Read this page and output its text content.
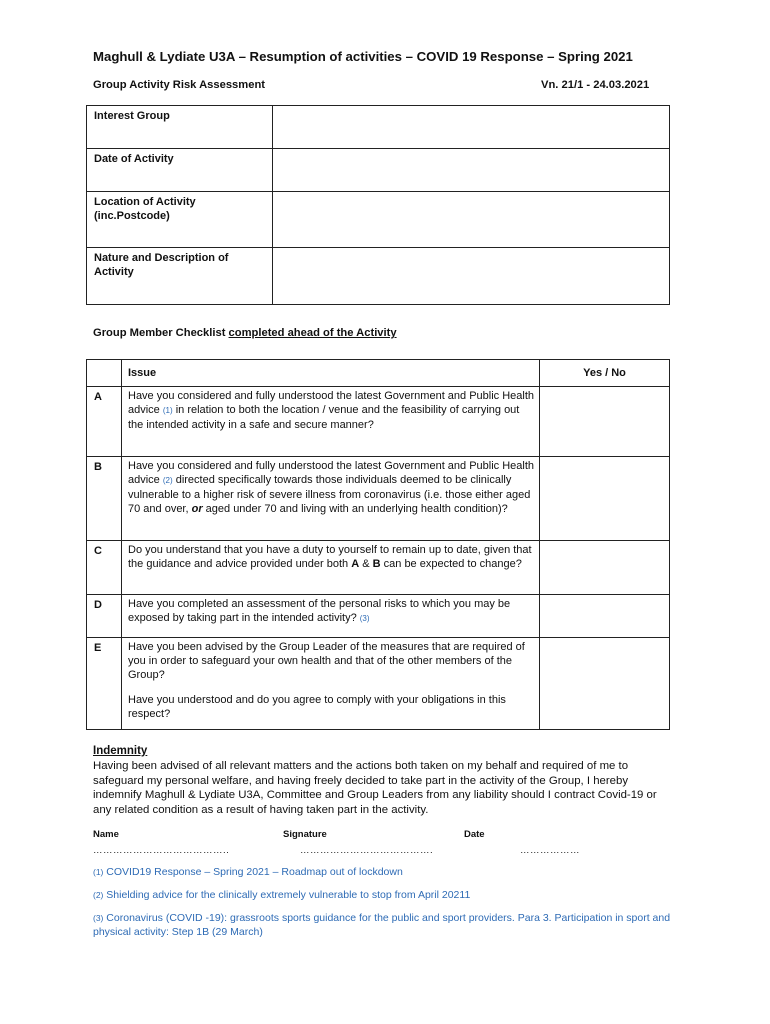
Maghull & Lydiate U3A – Resumption of activities – COVID 19 Response – Spring 2021
Group Activity Risk Assessment	Vn. 21/1 - 24.03.2021
Interest Group	
Date of Activity	
Location of Activity (inc.Postcode)	
Nature and Description of Activity	
Group Member Checklist completed ahead of the Activity
	Issue	Yes / No
A	Have you considered and fully understood the latest Government and Public Health advice (1) in relation to both the location / venue and the feasibility of carrying out the intended activity in a safe and secure manner?	
B	Have you considered and fully understood the latest Government and Public Health advice (2) directed specifically towards those individuals deemed to be clinically vulnerable to a higher risk of severe illness from coronavirus (i.e. those either aged 70 and over, or aged under 70 and living with an underlying health condition)?	
C	Do you understand that you have a duty to yourself to remain up to date, given that the guidance and advice provided under both A & B can be expected to change?	
D	Have you completed an assessment of the personal risks to which you may be exposed by taking part in the intended activity? (3)	
E	Have you been advised by the Group Leader of the measures that are required of you in order to safeguard your own health and that of the other members of the Group?

Have you understood and do you agree to comply with your obligations in this respect?	

Indemnity
Having been advised of all relevant matters and the actions both taken on my behalf and required of me to safeguard my personal welfare, and having freely decided to take part in the activity of the Group, I hereby indemnify Maghull & Lydiate U3A, Committee and Group Leaders from any liability should I contract Covid-19 or any related condition as a result of having taken part in the activity.
Name	Signature	Date
…………………………………..	………………………………….	………………
(1) COVID19 Response – Spring 2021 – Roadmap out of lockdown
(2) Shielding advice for the clinically extremely vulnerable to stop from April 20211
(3) Coronavirus (COVID -19): grassroots sports guidance for the public and sport providers. Para 3. Participation in sport and physical activity: Step 1B (29 March)
